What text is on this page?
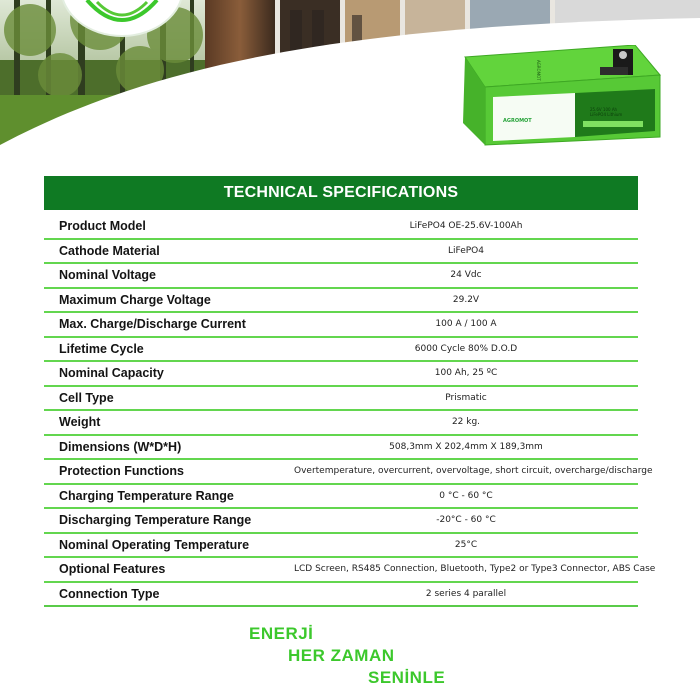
AGROMOT
AGROMOT
25.6V 100 Ah
LiFePO4 Lithium
TECHNICAL SPECIFICATIONS
Product Model	LiFePO4 OE-25.6V-100Ah
Cathode Material	LiFePO4
Nominal Voltage	24 Vdc
Maximum Charge Voltage	29.2V
Max. Charge/Discharge Current	100 A / 100 A
Lifetime Cycle	6000 Cycle 80% D.O.D
Nominal Capacity	100 Ah, 25 ºC
Cell Type	Prismatic
Weight	22 kg.
Dimensions (W*D*H)	508,3mm X 202,4mm X 189,3mm
Protection Functions	Overtemperature, overcurrent, overvoltage, short circuit, overcharge/discharge
Charging Temperature Range	0 °C - 60 °C
Discharging Temperature Range	-20°C - 60 °C
Nominal Operating Temperature	25°C
Optional Features	LCD Screen, RS485 Connection, Bluetooth, Type2 or Type3 Connector, ABS Case
Connection Type	2 series 4 parallel
ENERJİ
HER ZAMAN
SENİNLE
